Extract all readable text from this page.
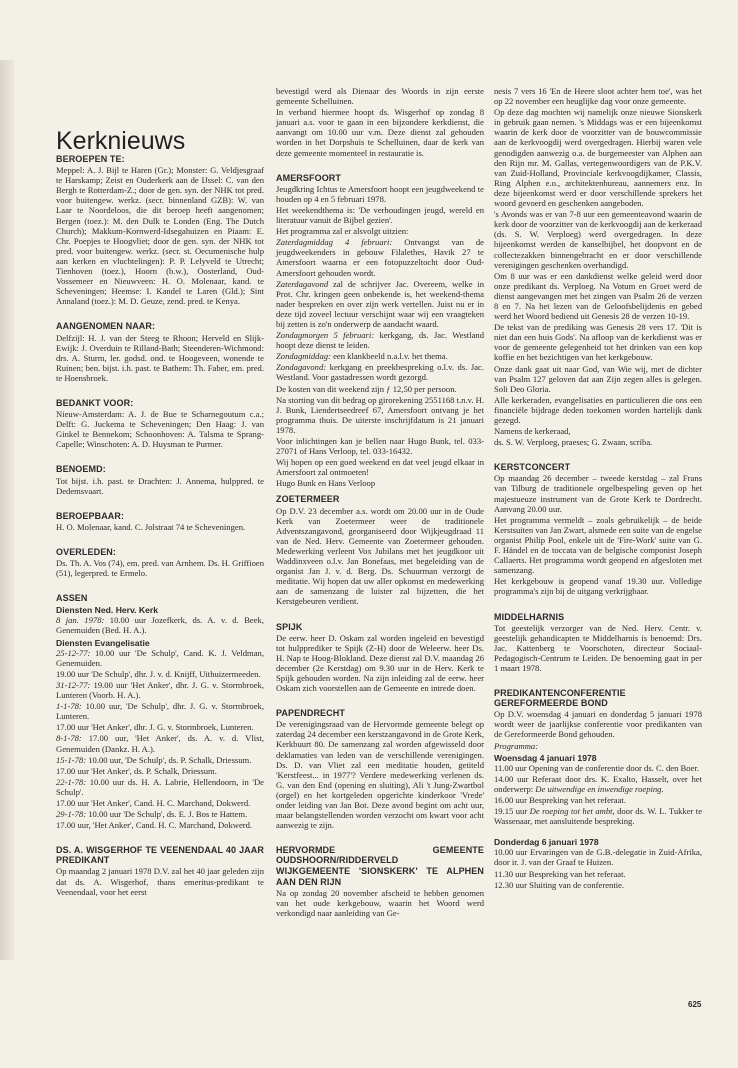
Kerknieuws
BEROEPEN TE:

Meppel: A. J. Bijl te Haren (Gr.); Monster: G. Veldjesgraaf te Harskamp; Zeist en Ouderkerk aan de IJssel: C. van den Bergh te Rotterdam-Z.; door de gen. syn. der NHK tot pred. voor buitengew. werkz. (secr. binnenland GZB): W. van Laar te Noordeloos, die dit beroep heeft aangenomen; Bergen (toez.): M. den Dulk te Londen (Eng. The Dutch Church); Makkum-Kornwerd-Idsegahuizen en Piaam: E. Chr. Poepjes te Hoogvliet; door de gen. syn. der NHK tot pred. voor buitengew. werkz. (secr. st. Oecumenische hulp aan kerken en vluchtelingen): P. P. Lelyveld te Utrecht; Tienhoven (toez.), Hoorn (b.w.), Oosterland, Oud-Vossemeer en Nieuwveen: H. O. Molenaar, kand. te Scheveningen; Heemse: I. Kandel te Laren (Gld.); Sint Annaland (toez.): M. D. Geuze, zend. pred. te Kenya.

AANGENOMEN NAAR:

Delfzijl: H. J. van der Steeg te Rhoon; Herveld en Slijk-Ewijk: J. Overduin te Rilland-Bath; Steenderen-Wichmond: drs. A. Sturm, ler. godsd. ond. te Hoogeveen, wonende te Ruinen; ben. bijst. i.h. past. te Bathem: Th. Faber, em. pred. te Hoensbroek.

BEDANKT VOOR:

Nieuw-Amsterdam: A. J. de Bue te Scharnegoutum c.a.; Delft: G. Juckema te Scheveningen; Den Haag: J. van Ginkel te Bennekom; Schoonhoven: A. Talsma te Sprang-Capelle; Winschoten: A. D. Huysman te Purmer.

BENOEMD:

Tot bijst. i.h. past. te Drachten: J. Annema, hulppred. te Dedemsvaart.

BEROEPBAAR:

H. O. Molenaar, kand. C. Jolstraat 74 te Scheveningen.

OVERLEDEN:

Ds. Th. A. Vos (74), em. pred. van Arnhem. Ds. H. Griffioen (51), legerpred. te Ermelo.

ASSEN
Diensten Ned. Herv. Kerk

8 jan. 1978: 10.00 uur Jozefkerk, ds. A. v. d. Beek, Genemuiden (Bed. H. A.).

Diensten Evangelisatie

25-12-77: 10.00 uur 'De Schulp', Cand. K. J. Veldman, Genemuiden.

19.00 uur 'De Schulp', dhr. J. v. d. Knijff, Uithuizermeeden.

31-12-77: 19.00 uur 'Het Anker', dhr. J. G. v. Stormbroek, Lunteren (Voorb. H. A.).

1-1-78: 10.00 uur, 'De Schulp', dhr. J. G. v. Stormbroek, Lunteren.

17.00 uur 'Het Anker', dhr. J. G. v. Stormbroek, Lunteren.

8-1-78: 17.00 uur, 'Het Anker', ds. A. v. d. Vlist, Genemuiden (Dankz. H. A.).

15-1-78: 10.00 uur, 'De Schulp', ds. P. Schalk, Driessum.

17.00 uur 'Het Anker', ds. P. Schalk, Driessum.

22-1-78: 10.00 uur ds. H. A. Labrie, Hellendoorn, in 'De Schulp'.

17.00 uur 'Het Anker', Cand. H. C. Marchand, Dokwerd.

29-1-78: 10.00 uur 'De Schulp', ds. E. J. Bos te Hattem.

17.00 uur, 'Het Anker', Cand. H. C. Marchand, Dokwerd.

DS. A. WISGERHOF TE VEENENDAAL 40 JAAR PREDIKANT

Op maandag 2 januari 1978 D.V. zal het 40 jaar geleden zijn dat ds. A. Wisgerhof, thans emeritus-predikant te Veenendaal, voor het eerst

bevestigd werd als Dienaar des Woords in zijn eerste gemeente Schelluinen.

In verband hiermee hoopt ds. Wisgerhof op zondag 8 januari a.s. voor te gaan in een bijzondere kerkdienst, die aanvangt om 10.00 uur v.m. Deze dienst zal gehouden worden in het Dorpshuis te Schelluinen, daar de kerk van deze gemeente momenteel in restauratie is.

AMERSFOORT

Jeugdkring Ichtus te Amersfoort hoopt een jeugdweekend te houden op 4 en 5 februari 1978.

Het weekendthema is: 'De verhoudingen jeugd, wereld en literatuur vanuit de Bijbel gezien'.

Het programma zal er alsvolgt uitzien:

Zaterdagmiddag 4 februari: Ontvangst van de jeugdweekenders in gebouw Filalethes, Havik 27 te Amersfoort waarna er een fotopuzzeltocht door Oud-Amersfoort gehouden wordt.

Zaterdagavond zal de schrijver Jac. Overeem, welke in Prot. Chr. kringen geen onbekende is, het weekend-thema nader bespreken en over zijn werk vertellen. Juist nu er in deze tijd zoveel lectuur verschijnt waar wij een vraagteken bij zetten is zo'n onderwerp de aandacht waard.

Zondagmorgen 5 februari: kerkgang, ds. Jac. Westland hoopt deze dienst te leiden.

Zondagmiddag: een klankbeeld n.a.l.v. het thema.

Zondagavond: kerkgang en preekbespreking o.l.v. ds. Jac. Westland. Voor gastadressen wordt gezorgd.

De kosten van dit weekend zijn ƒ 12,50 per persoon.

Na storting van dit bedrag op girorekening 2551168 t.n.v. H. J. Bunk, Liendertseedreef 67, Amersfoort ontvang je het programma thuis. De uiterste inschrijfdatum is 21 januari 1978.

Voor inlichtingen kan je bellen naar Hugo Bunk, tel. 033-27071 of Hans Verloop, tel. 033-16432.

Wij hopen op een goed weekend en dat veel jeugd elkaar in Amersfoort zal ontmoeten!

Hugo Bunk en Hans Verloop

ZOETERMEER

Op D.V. 23 december a.s. wordt om 20.00 uur in de Oude Kerk van Zoetermeer weer de traditionele Adventszangavond, georganiseerd door Wijkjeugdraad 11 van de Ned. Herv. Gemeente van Zoetermeer gehouden. Medewerking verleent Vox Jubilans met het jeugdkoor uit Waddinxveen o.l.v. Jan Bonefaas, met begeleiding van de organist Jan J. v. d. Berg. Ds. Schuurman verzorgt de meditatie. Wij hopen dat uw aller opkomst en medewerking aan de samenzang de luister zal bijzetten, die het Kerstgebeuren verdient.

SPIJK

De eerw. heer D. Oskam zal worden ingeleid en bevestigd tot hulpprediker te Spijk (Z-H) door de Weleerw. heer Ds. H. Nap te Hoog-Blokland. Deze dienst zal D.V. maandag 26 december (2e Kerstdag) om 9.30 uur in de Herv. Kerk te Spijk gehouden worden. Na zijn inleiding zal de eerw. heer Oskam zich voorstellen aan de Gemeente en intrede doen.

PAPENDRECHT

De verenigingsraad van de Hervormde gemeente belegt op zaterdag 24 december een kerstzangavond in de Grote Kerk, Kerkbuurt 80. De samenzang zal worden afgewisseld door deklamaties van leden van de verschillende verenigingen. Ds. D. van Vliet zal een meditatie houden, getiteld 'Kerstfeest... in 1977'? Verdere medewerking verlenen ds. G. van den End (opening en sluiting), Ali 't Jung-Zwartbol (orgel) en het kortgeleden opgerichte kinderkoor 'Vrede' onder leiding van Jan Bot. Deze avond begint om acht uur, maar belangstellenden worden verzocht om kwart voor acht aanwezig te zijn.

HERVORMDE GEMEENTE OUDSHOORN/RIDDERVELD
WIJKGEMEENTE 'SIONSKERK' TE ALPHEN AAN DEN RIJN

Na op zondag 20 november afscheid te hebben genomen van het oude kerkgebouw, waarin het Woord werd verkondigd naar aanleiding van Ge-

nesis 7 vers 16 'En de Heere sloot achter hem toe', was het op 22 november een heuglijke dag voor onze gemeente.

Op deze dag mochten wij namelijk onze nieuwe Sionskerk in gebruik gaan nemen. 's Middags was er een bijeenkomst waarin de kerk door de voorzitter van de bouwcommissie aan de kerkvoogdij werd overgedragen. Hierbij waren vele genodigden aanwezig o.a. de burgemeester van Alphen aan den Rijn mr. M. Gallas, vertegenwoordigers van de P.K.V. van Zuid-Holland, Provinciale kerkvoogdijkamer, Classis, Ring Alphen e.o., architektenbureau, aannemers enz. In deze bijeenkomst werd er door verschillende sprekers het woord gevoerd en geschenken aangeboden.

's Avonds was er van 7-8 uur een gemeenteavond waarin de kerk door de voorzitter van de kerkvoogdij aan de kerkeraad (ds. S. W. Verploeg) werd overgedragen. In deze bijeenkomst werden de kanselbijbel, het doopvont en de collectezakken binnengebracht en er door verschillende verenigingen geschenken overhandigd.

Om 8 uur was er een dankdienst welke geleid werd door onze predikant ds. Verploeg. Na Votum en Groet werd de dienst aangevangen met het zingen van Psalm 26 de verzen 8 en 7. Na het lezen van de Geloofsbelijdenis en gebed werd het Woord bediend uit Genesis 28 de verzen 10-19.

De tekst van de prediking was Genesis 28 vers 17. 'Dit is niet dan een huis Gods'. Na afloop van de kerkdienst was er voor de gemeente gelegenheid tot het drinken van een kop koffie en het bezichtigen van het kerkgebouw.

Onze dank gaat uit naar God, van Wie wij, met de dichter van Psalm 127 geloven dat aan Zijn zegen alles is gelegen. Soli Deo Gloria.

Alle kerkeraden, evangelisaties en particulieren die ons een financiële bijdrage deden toekomen worden hartelijk dank gezegd.

Namens de kerkeraad,

ds. S. W. Verploeg, praeses; G. Zwaan, scriba.

KERSTCONCERT

Op maandag 26 december – tweede kerstdag – zal Frans van Tilburg de traditionele orgelbespeling geven op het majestueuze instrument van de Grote Kerk te Dordrecht. Aanvang 20.00 uur.

Het programma vermeldt – zoals gebruikelijk – de beide Kerstsuiten van Jan Zwart, alsmede een suite van de engelse organist Philip Pool, enkele uit de 'Fire-Work' suite van G. F. Händel en de toccata van de belgische componist Joseph Callaerts. Het programma wordt geopend en afgesloten met samenzang.

Het kerkgebouw is geopend vanaf 19.30 uur. Volledige programma's zijn bij de uitgang verkrijgbaar.

MIDDELHARNIS

Tot geestelijk verzorger van de Ned. Herv. Centr. v. geestelijk gehandicapten te Middelharnis is benoemd: Drs. Jac. Kattenberg te Voorschoten, directeur Sociaal-Pedagogisch-Centrum te Leiden. De benoeming gaat in per 1 maart 1978.

PREDIKANTENCONFERENTIE GEREFORMEERDE BOND

Op D.V. woensdag 4 januari en donderdag 5 januari 1978 wordt weer de jaarlijkse conferentie voor predikanten van de Gereformeerde Bond gehouden.

Programma:

Woensdag 4 januari 1978

11.00 uur Opening van de conferentie door ds. C. den Boer.

14.00 uur Referaat door drs. K. Exalto, Hasselt, over het onderwerp: De uitwendige en inwendige roeping.

16.00 uur Bespreking van het referaat.

19.15 uur De roeping tot het ambt, door ds. W. L. Tukker te Wassenaar, met aansluitende bespreking.

Donderdag 6 januari 1978

10.00 uur Ervaringen van de G.B.-delegatie in Zuid-Afrika, door ir. J. van der Graaf te Huizen.

11.30 uur Bespreking van het referaat.

12.30 uur Sluiting van de conferentie.

625
